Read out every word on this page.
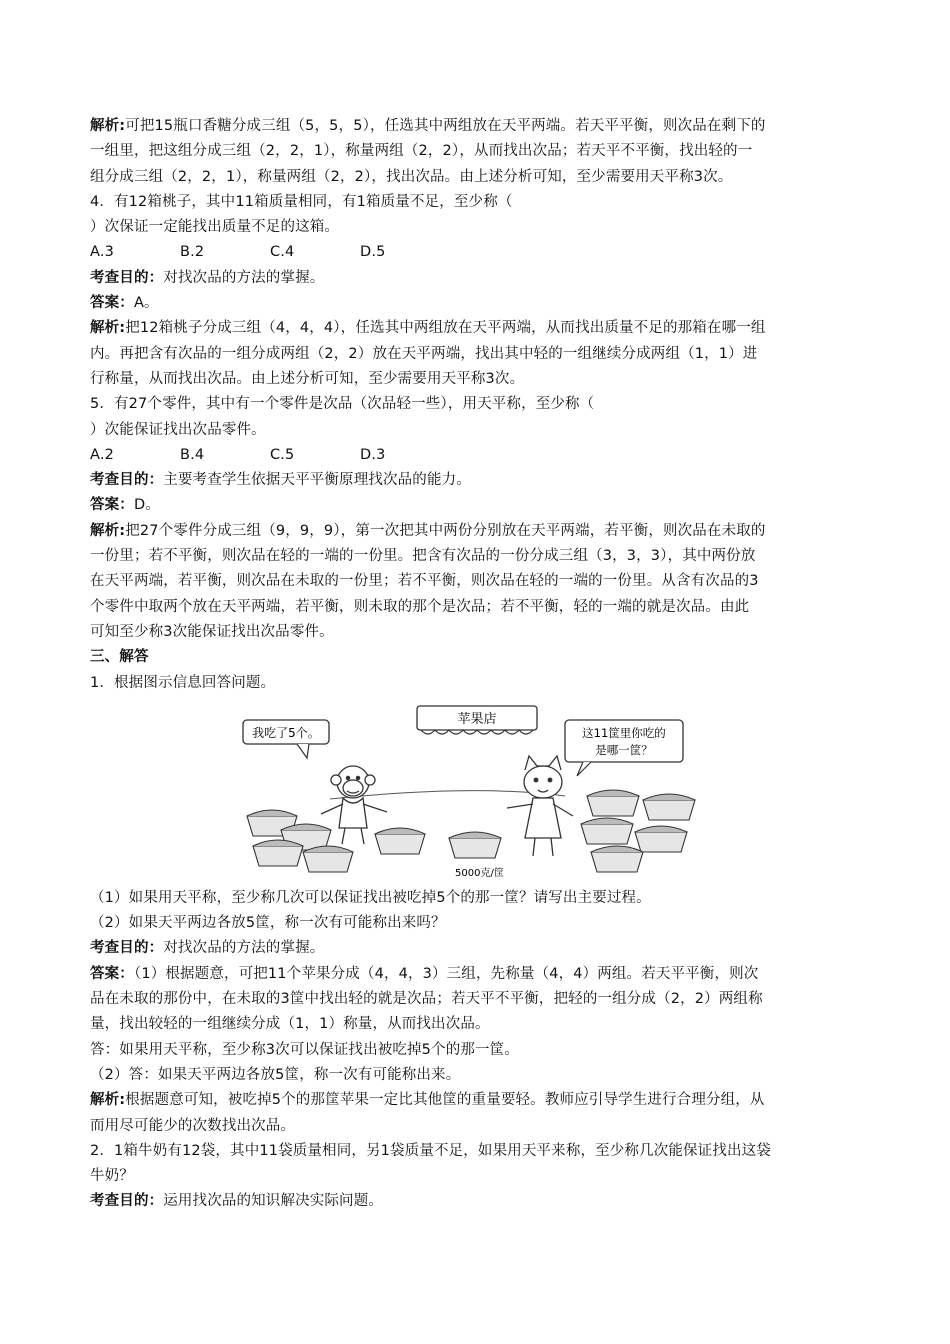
解析:可把15瓶口香糖分成三组（5，5，5），任选其中两组放在天平两端。若天平平衡，则次品在剩下的
一组里，把这组分成三组（2，2，1），称量两组（2，2），从而找出次品；若天平不平衡，找出轻的一
组分成三组（2，2，1），称量两组（2，2），找出次品。由上述分析可知，至少需要用天平称3次。
4．有12箱桃子，其中11箱质量相同，有1箱质量不足，至少称（
）次保证一定能找出质量不足的这箱。
A.3	B.2	C.4	D.5
考查目的：对找次品的方法的掌握。
答案：A。
解析:把12箱桃子分成三组（4，4，4），任选其中两组放在天平两端，从而找出质量不足的那箱在哪一组
内。再把含有次品的一组分成两组（2，2）放在天平两端，找出其中轻的一组继续分成两组（1，1）进
行称量，从而找出次品。由上述分析可知，至少需要用天平称3次。
5．有27个零件，其中有一个零件是次品（次品轻一些），用天平称，至少称（
）次能保证找出次品零件。
A.2	B.4	C.5	D.3
考查目的：主要考查学生依据天平平衡原理找次品的能力。
答案：D。
解析:把27个零件分成三组（9，9，9），第一次把其中两份分别放在天平两端，若平衡，则次品在未取的
一份里；若不平衡，则次品在轻的一端的一份里。把含有次品的一份分成三组（3，3，3），其中两份放
在天平两端，若平衡，则次品在未取的一份里；若不平衡，则次品在轻的一端的一份里。从含有次品的3
个零件中取两个放在天平两端，若平衡，则未取的那个是次品；若不平衡，轻的一端的就是次品。由此
可知至少称3次能保证找出次品零件。
三、解答
1．根据图示信息回答问题。
苹果店
我吃了5个。	这11筐里你吃的
是哪一筐？
5000克/筐
（1）如果用天平称，至少称几次可以保证找出被吃掉5个的那一筐？请写出主要过程。
（2）如果天平两边各放5筐，称一次有可能称出来吗？
考查目的：对找次品的方法的掌握。
答案：（1）根据题意，可把11个苹果分成（4，4，3）三组，先称量（4，4）两组。若天平平衡，则次
品在未取的那份中，在未取的3筐中找出轻的就是次品；若天平不平衡，把轻的一组分成（2，2）两组称
量，找出较轻的一组继续分成（1，1）称量，从而找出次品。
答：如果用天平称，至少称3次可以保证找出被吃掉5个的那一筐。
（2）答：如果天平两边各放5筐，称一次有可能称出来。
解析:根据题意可知，被吃掉5个的那筐苹果一定比其他筐的重量要轻。教师应引导学生进行合理分组，从
而用尽可能少的次数找出次品。
2．1箱牛奶有12袋，其中11袋质量相同，另1袋质量不足，如果用天平来称，至少称几次能保证找出这袋
牛奶？
考查目的：运用找次品的知识解决实际问题。
